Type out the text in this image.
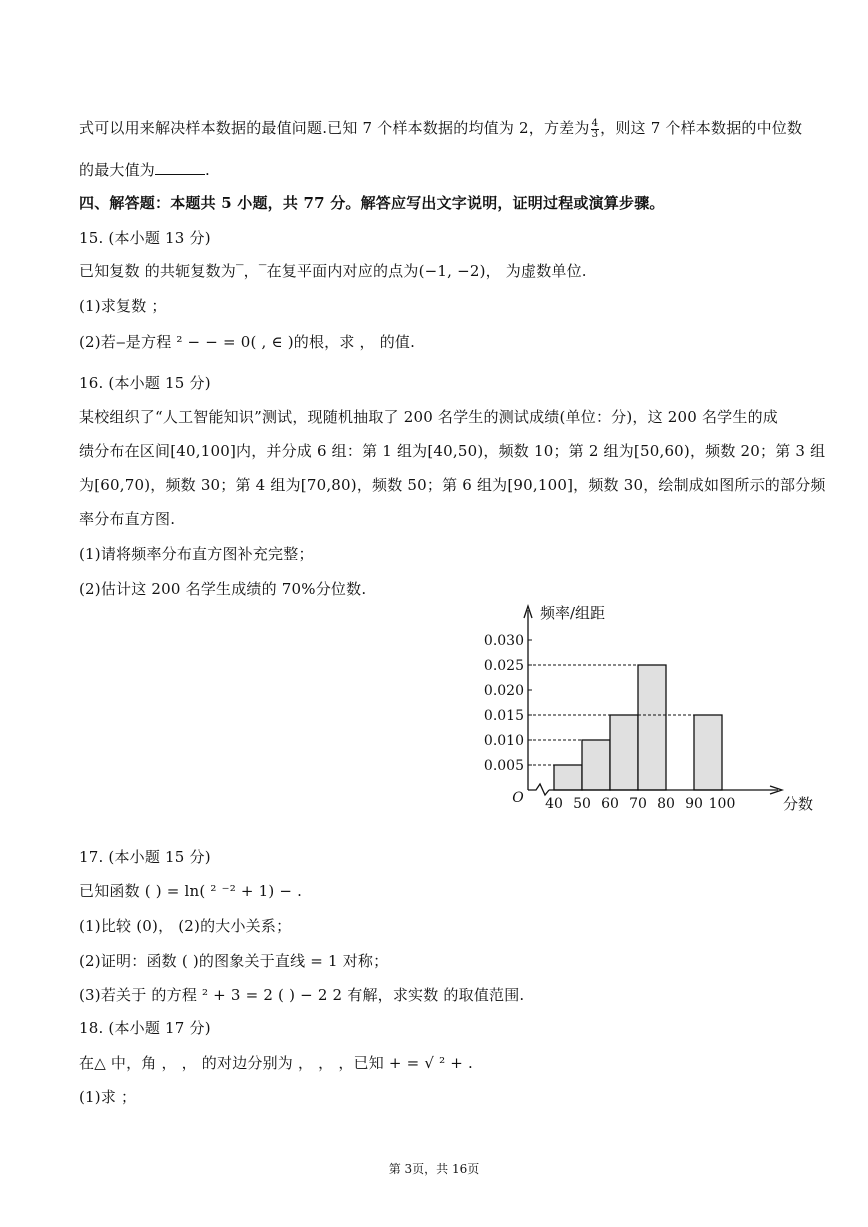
式可以用来解决样本数据的最值问题.已知 7 个样本数据的均值为 2，方差为 $\frac{4}{3}$ ，则这 7 个样本数据的中位数
的最大值为	.
四、解答题：本题共 5 小题，共 77 分。解答应写出文字说明，证明过程或演算步骤。
15. (本小题 13 分)
已知复数 的共轭复数为‾，‾在复平面内对应的点为(−1, −2)， 为虚数单位.
(1)求复数 ；
(2)若‒是方程 ² − − = 0( , ∈ )的根，求 ， 的值.
16. (本小题 15 分)
某校组织了“人工智能知识”测试，现随机抽取了 200 名学生的测试成绩(单位：分)，这 200 名学生的成
绩分布在区间[40,100]内，并分成 6 组：第 1 组为[40,50)，频数 10；第 2 组为[50,60)，频数 20；第 3 组
为[60,70)，频数 30；第 4 组为[70,80)，频数 50；第 6 组为[90,100]，频数 30，绘制成如图所示的部分频
率分布直方图.
(1)请将频率分布直方图补充完整；
(2)估计这 200 名学生成绩的 70%分位数.
0.005
0.010
0.015
0.020
0.025
0.030
40 50 60 70 80 90 100
O
频率/组距
分数
17. (本小题 15 分)
已知函数 ( ) = ln( ² ⁻² + 1) − .
(1)比较 (0)， (2)的大小关系；
(2)证明：函数 ( )的图象关于直线 = 1 对称；
(3)若关于 的方程 ² + 3 = 2 ( ) − 2 2 有解，求实数 的取值范围.
18. (本小题 17 分)
在△ 中，角 ， ， 的对边分别为 ， ， ，已知 + = √ ² + .
(1)求 ；
第 3页，共 16页
